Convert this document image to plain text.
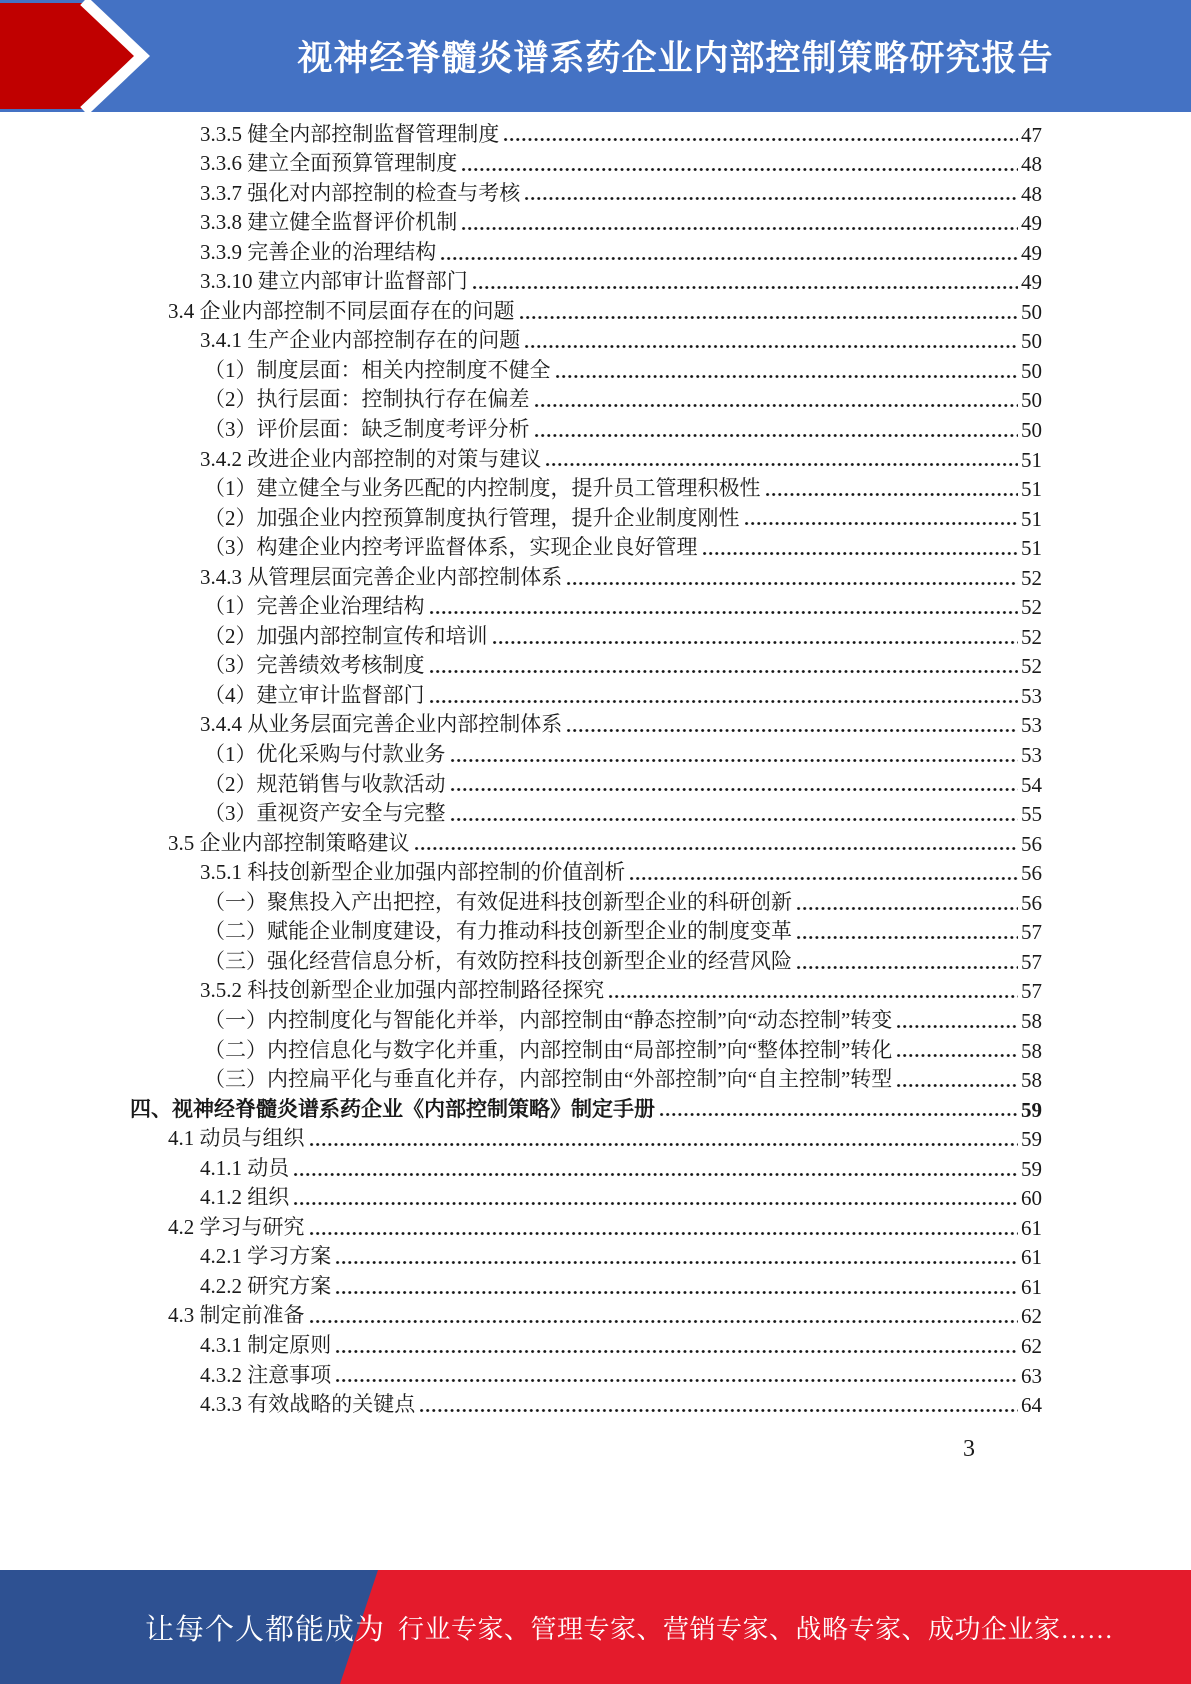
视神经脊髓炎谱系药企业内部控制策略研究报告
3.3.5 健全内部控制监督管理制度	47
3.3.6 建立全面预算管理制度	48
3.3.7 强化对内部控制的检查与考核	48
3.3.8 建立健全监督评价机制	49
3.3.9 完善企业的治理结构	49
3.3.10 建立内部审计监督部门	49
3.4 企业内部控制不同层面存在的问题	50
3.4.1 生产企业内部控制存在的问题	50
（1）制度层面：相关内控制度不健全	50
（2）执行层面：控制执行存在偏差	50
（3）评价层面：缺乏制度考评分析	50
3.4.2 改进企业内部控制的对策与建议	51
（1）建立健全与业务匹配的内控制度，提升员工管理积极性	51
（2）加强企业内控预算制度执行管理，提升企业制度刚性	51
（3）构建企业内控考评监督体系，实现企业良好管理	51
3.4.3 从管理层面完善企业内部控制体系	52
（1）完善企业治理结构	52
（2）加强内部控制宣传和培训	52
（3）完善绩效考核制度	52
（4）建立审计监督部门	53
3.4.4 从业务层面完善企业内部控制体系	53
（1）优化采购与付款业务	53
（2）规范销售与收款活动	54
（3）重视资产安全与完整	55
3.5 企业内部控制策略建议	56
3.5.1 科技创新型企业加强内部控制的价值剖析	56
（一）聚焦投入产出把控，有效促进科技创新型企业的科研创新	56
（二）赋能企业制度建设，有力推动科技创新型企业的制度变革	57
（三）强化经营信息分析，有效防控科技创新型企业的经营风险	57
3.5.2 科技创新型企业加强内部控制路径探究	57
（一）内控制度化与智能化并举，内部控制由“静态控制”向“动态控制”转变	58
（二）内控信息化与数字化并重，内部控制由“局部控制”向“整体控制”转化	58
（三）内控扁平化与垂直化并存，内部控制由“外部控制”向“自主控制”转型	58
四、视神经脊髓炎谱系药企业《内部控制策略》制定手册	59
4.1 动员与组织	59
4.1.1 动员	59
4.1.2 组织	60
4.2 学习与研究	61
4.2.1 学习方案	61
4.2.2 研究方案	61
4.3 制定前准备	62
4.3.1 制定原则	62
4.3.2 注意事项	63
4.3.3 有效战略的关键点	64
3
让每个人都能成为 行业专家、管理专家、营销专家、战略专家、成功企业家……
